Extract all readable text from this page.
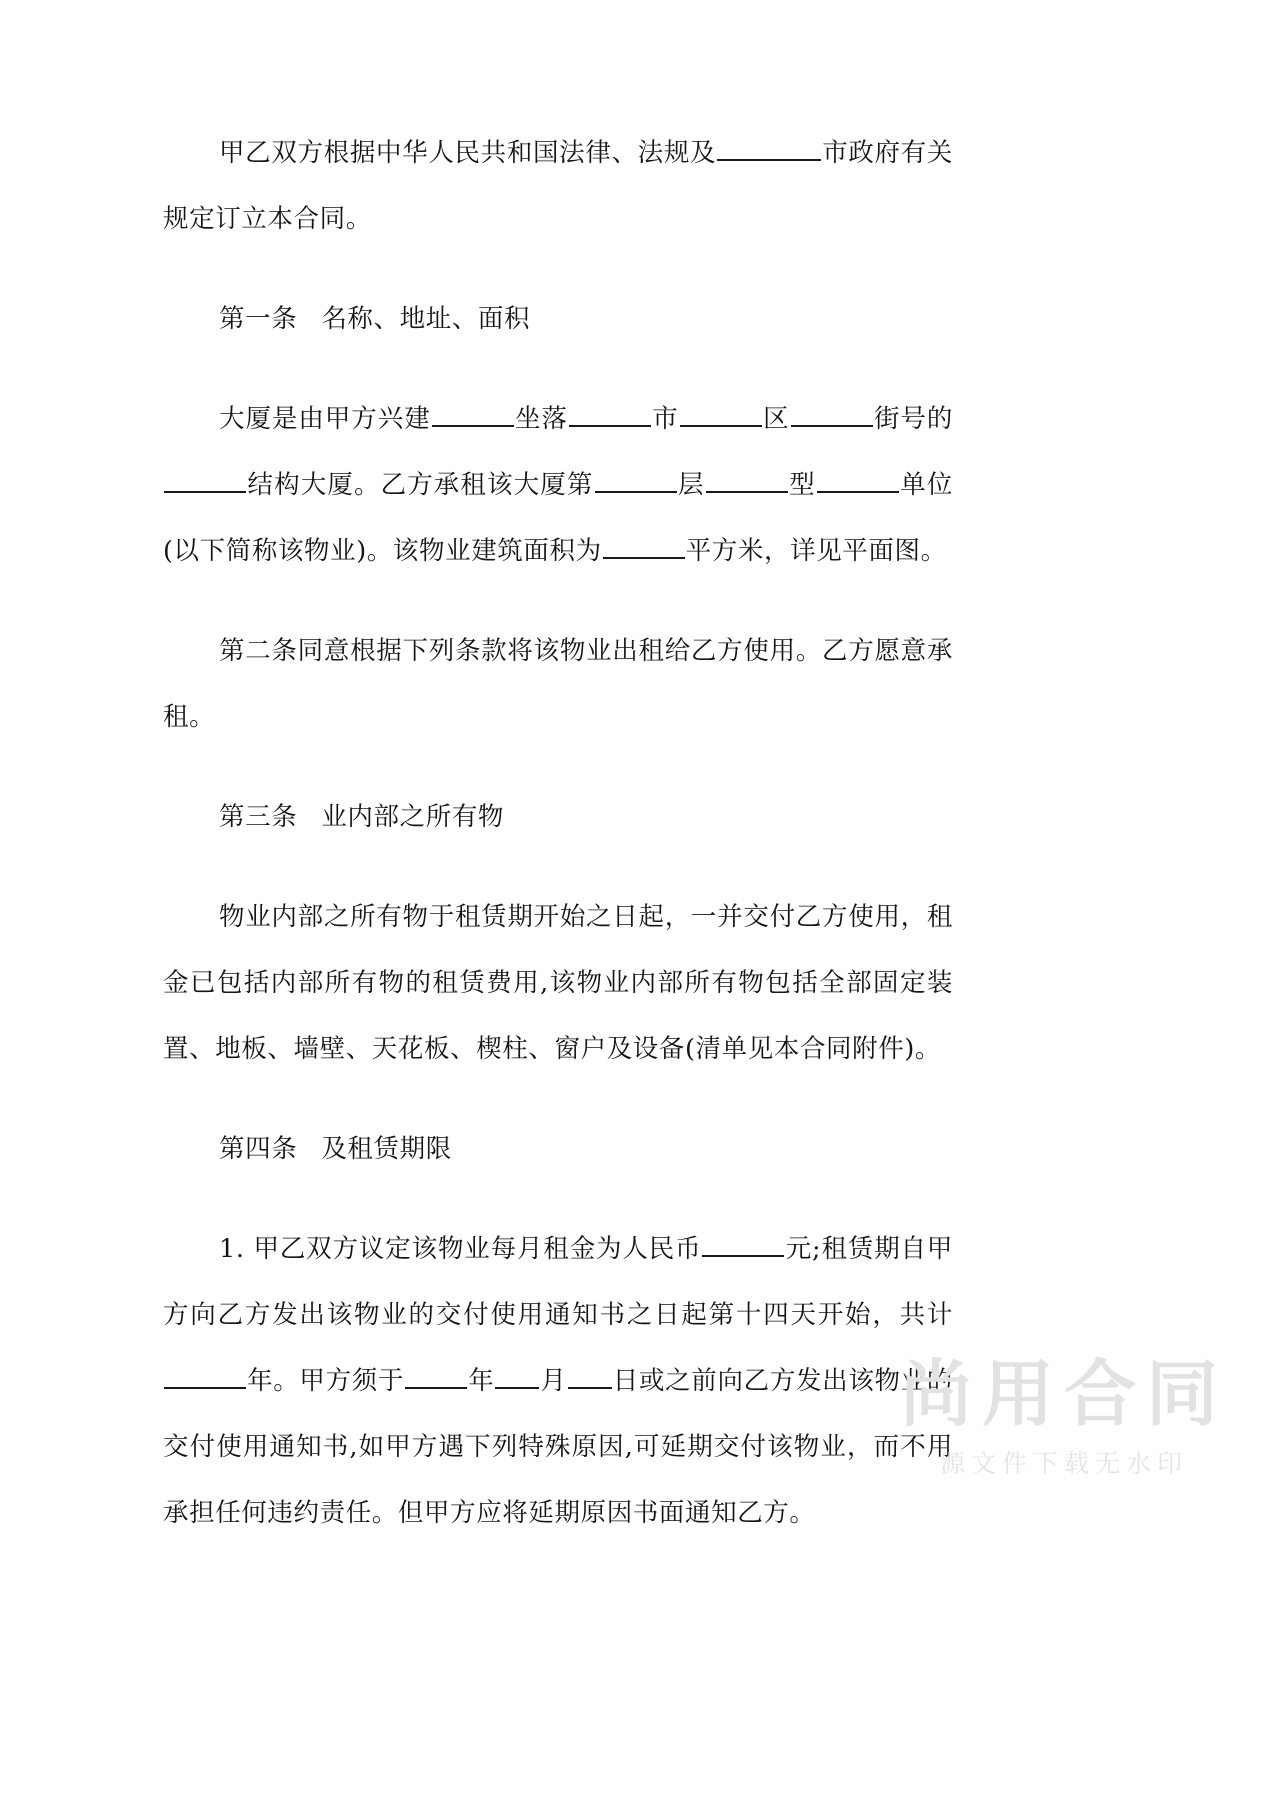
甲乙双方根据中华人民共和国法律、法规及	市政府有关规定订立本合同。

第一条 名称、地址、面积

大厦是由甲方兴建	坐落	市	区	街号的结构大厦。乙方承租该大厦第	层	型	单位(以下简称该物业)。该物业建筑面积为	平方米，详见平面图。

第二条同意根据下列条款将该物业出租给乙方使用。乙方愿意承租。

第三条 业内部之所有物

物业内部之所有物于租赁期开始之日起，一并交付乙方使用，租金已包括内部所有物的租赁费用,该物业内部所有物包括全部固定装置、地板、墙壁、天花板、楔柱、窗户及设备(清单见本合同附件)。

第四条 及租赁期限

1. 甲乙双方议定该物业每月租金为人民币	元;租赁期自甲方向乙方发出该物业的交付使用通知书之日起第十四天开始，共计年。甲方须于	年 月 日或之前向乙方发出该物业的交付使用通知书,如甲方遇下列特殊原因,可延期交付该物业，而不用承担任何违约责任。但甲方应将延期原因书面通知乙方。

尚用合同
源文件下载无水印
